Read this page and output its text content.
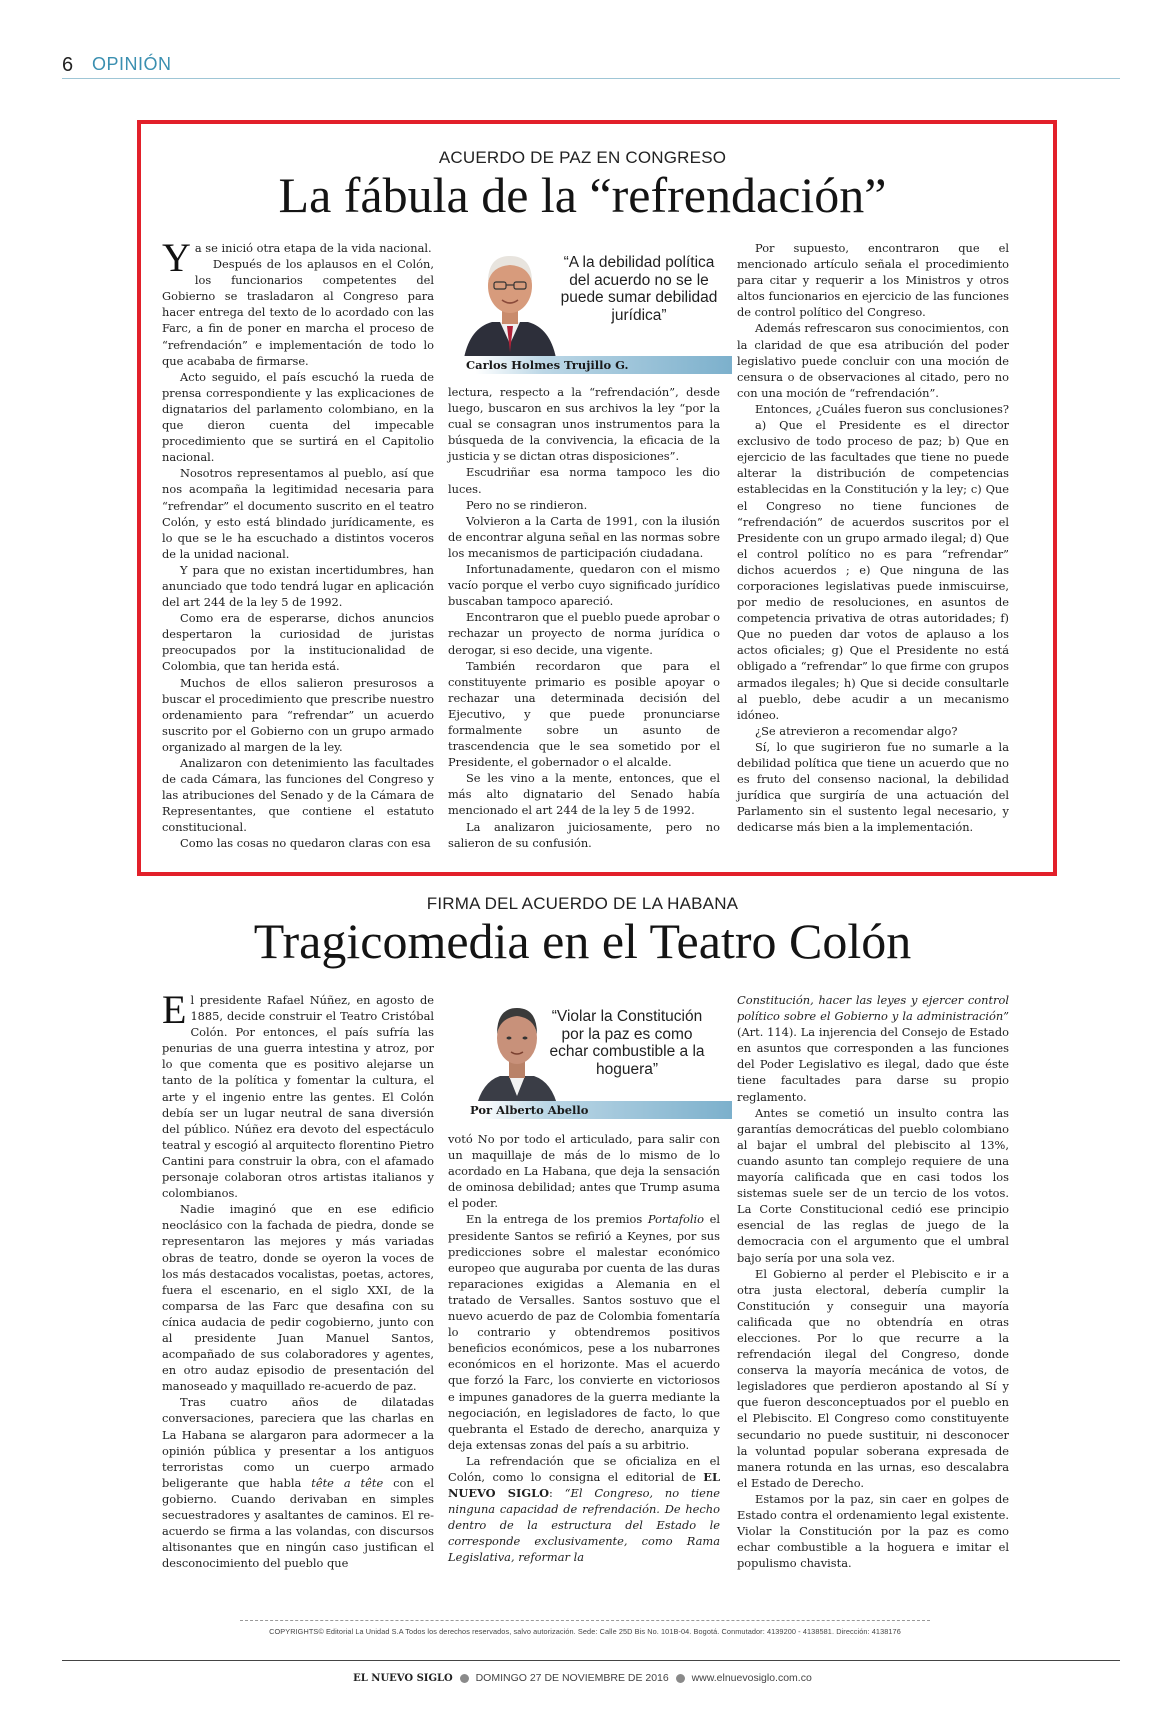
6 OPINIÓN
ACUERDO DE PAZ EN CONGRESO
La fábula de la “refrendación”

Ya se inició otra etapa de la vida nacional.

Después de los aplausos en el Colón, los funcionarios competentes del Gobierno se trasladaron al Congreso para hacer entrega del texto de lo acordado con las Farc, a fin de poner en marcha el proceso de “refrendación” e implementación de todo lo que acababa de firmarse.

Acto seguido, el país escuchó la rueda de prensa correspondiente y las explicaciones de dignatarios del parlamento colombiano, en la que dieron cuenta del impecable procedimiento que se surtirá en el Capitolio nacional.

Nosotros representamos al pueblo, así que nos acompaña la legitimidad necesaria para “refrendar” el documento suscrito en el teatro Colón, y esto está blindado jurídicamente, es lo que se le ha escuchado a distintos voceros de la unidad nacional.

Y para que no existan incertidumbres, han anunciado que todo tendrá lugar en aplicación del art 244 de la ley 5 de 1992.

Como era de esperarse, dichos anuncios despertaron la curiosidad de juristas preocupados por la institucionalidad de Colombia, que tan herida está.

Muchos de ellos salieron presurosos a buscar el procedimiento que prescribe nuestro ordenamiento para “refrendar” un acuerdo suscrito por el Gobierno con un grupo armado organizado al margen de la ley.

Analizaron con detenimiento las facultades de cada Cámara, las funciones del Congreso y las atribuciones del Senado y de la Cámara de Representantes, que contiene el estatuto constitucional.

Como las cosas no quedaron claras con esa

“A la debilidad política del acuerdo no se le puede sumar debilidad jurídica”
Carlos Holmes Trujillo G.

lectura, respecto a la “refrendación”, desde luego, buscaron en sus archivos la ley “por la cual se consagran unos instrumentos para la búsqueda de la convivencia, la eficacia de la justicia y se dictan otras disposiciones”.

Escudriñar esa norma tampoco les dio luces.

Pero no se rindieron.

Volvieron a la Carta de 1991, con la ilusión de encontrar alguna señal en las normas sobre los mecanismos de participación ciudadana.

Infortunadamente, quedaron con el mismo vacío porque el verbo cuyo significado jurídico buscaban tampoco apareció.

Encontraron que el pueblo puede aprobar o rechazar un proyecto de norma jurídica o derogar, si eso decide, una vigente.

También recordaron que para el constituyente primario es posible apoyar o rechazar una determinada decisión del Ejecutivo, y que puede pronunciarse formalmente sobre un asunto de trascendencia que le sea sometido por el Presidente, el gobernador o el alcalde.

Se les vino a la mente, entonces, que el más alto dignatario del Senado había mencionado el art 244 de la ley 5 de 1992.

La analizaron juiciosamente, pero no salieron de su confusión.

Por supuesto, encontraron que el mencionado artículo señala el procedimiento para citar y requerir a los Ministros y otros altos funcionarios en ejercicio de las funciones de control político del Congreso.

Además refrescaron sus conocimientos, con la claridad de que esa atribución del poder legislativo puede concluir con una moción de censura o de observaciones al citado, pero no con una moción de “refrendación”.

Entonces, ¿Cuáles fueron sus conclusiones?

a) Que el Presidente es el director exclusivo de todo proceso de paz; b) Que en ejercicio de las facultades que tiene no puede alterar la distribución de competencias establecidas en la Constitución y la ley; c) Que el Congreso no tiene funciones de “refrendación” de acuerdos suscritos por el Presidente con un grupo armado ilegal; d) Que el control político no es para “refrendar” dichos acuerdos ; e) Que ninguna de las corporaciones legislativas puede inmiscuirse, por medio de resoluciones, en asuntos de competencia privativa de otras autoridades; f) Que no pueden dar votos de aplauso a los actos oficiales; g) Que el Presidente no está obligado a “refrendar” lo que firme con grupos armados ilegales; h) Que si decide consultarle al pueblo, debe acudir a un mecanismo idóneo.

¿Se atrevieron a recomendar algo?

Sí, lo que sugirieron fue no sumarle a la debilidad política que tiene un acuerdo que no es fruto del consenso nacional, la debilidad jurídica que surgiría de una actuación del Parlamento sin el sustento legal necesario, y dedicarse más bien a la implementación.

FIRMA DEL ACUERDO DE LA HABANA
Tragicomedia en el Teatro Colón

El presidente Rafael Núñez, en agosto de 1885, decide construir el Teatro Cristóbal Colón. Por entonces, el país sufría las penurias de una guerra intestina y atroz, por lo que comenta que es positivo alejarse un tanto de la política y fomentar la cultura, el arte y el ingenio entre las gentes. El Colón debía ser un lugar neutral de sana diversión del público. Núñez era devoto del espectáculo teatral y escogió al arquitecto florentino Pietro Cantini para construir la obra, con el afamado personaje colaboran otros artistas italianos y colombianos.

Nadie imaginó que en ese edificio neoclásico con la fachada de piedra, donde se representaron las mejores y más variadas obras de teatro, donde se oyeron la voces de los más destacados vocalistas, poetas, actores, fuera el escenario, en el siglo XXI, de la comparsa de las Farc que desafina con su cínica audacia de pedir cogobierno, junto con al presidente Juan Manuel Santos, acompañado de sus colaboradores y agentes, en otro audaz episodio de presentación del manoseado y maquillado re-acuerdo de paz.

Tras cuatro años de dilatadas conversaciones, pareciera que las charlas en La Habana se alargaron para adormecer a la opinión pública y presentar a los antiguos terroristas como un cuerpo armado beligerante que habla tête a tête con el gobierno. Cuando derivaban en simples secuestradores y asaltantes de caminos. El re-acuerdo se firma a las volandas, con discursos altisonantes que en ningún caso justifican el desconocimiento del pueblo que

“Violar la Constitución por la paz es como echar combustible a la hoguera”
Por Alberto Abello

votó No por todo el articulado, para salir con un maquillaje de más de lo mismo de lo acordado en La Habana, que deja la sensación de ominosa debilidad; antes que Trump asuma el poder.

En la entrega de los premios Portafolio el presidente Santos se refirió a Keynes, por sus predicciones sobre el malestar económico europeo que auguraba por cuenta de las duras reparaciones exigidas a Alemania en el tratado de Versalles. Santos sostuvo que el nuevo acuerdo de paz de Colombia fomentaría lo contrario y obtendremos positivos beneficios económicos, pese a los nubarrones económicos en el horizonte. Mas el acuerdo que forzó la Farc, los convierte en victoriosos e impunes ganadores de la guerra mediante la negociación, en legisladores de facto, lo que quebranta el Estado de derecho, anarquiza y deja extensas zonas del país a su arbitrio.

La refrendación que se oficializa en el Colón, como lo consigna el editorial de EL NUEVO SIGLO: “El Congreso, no tiene ninguna capacidad de refrendación. De hecho dentro de la estructura del Estado le corresponde exclusivamente, como Rama Legislativa, reformar la

Constitución, hacer las leyes y ejercer control político sobre el Gobierno y la administración” (Art. 114). La injerencia del Consejo de Estado en asuntos que corresponden a las funciones del Poder Legislativo es ilegal, dado que éste tiene facultades para darse su propio reglamento.

Antes se cometió un insulto contra las garantías democráticas del pueblo colombiano al bajar el umbral del plebiscito al 13%, cuando asunto tan complejo requiere de una mayoría calificada que en casi todos los sistemas suele ser de un tercio de los votos. La Corte Constitucional cedió ese principio esencial de las reglas de juego de la democracia con el argumento que el umbral bajo sería por una sola vez.

El Gobierno al perder el Plebiscito e ir a otra justa electoral, debería cumplir la Constitución y conseguir una mayoría calificada que no obtendría en otras elecciones. Por lo que recurre a la refrendación ilegal del Congreso, donde conserva la mayoría mecánica de votos, de legisladores que perdieron apostando al Sí y que fueron desconceptuados por el pueblo en el Plebiscito. El Congreso como constituyente secundario no puede sustituir, ni desconocer la voluntad popular soberana expresada de manera rotunda en las urnas, eso descalabra el Estado de Derecho.

Estamos por la paz, sin caer en golpes de Estado contra el ordenamiento legal existente. Violar la Constitución por la paz es como echar combustible a la hoguera e imitar el populismo chavista.

COPYRIGHTS© Editorial La Unidad S.A Todos los derechos reservados, salvo autorización. Sede: Calle 25D Bis No. 101B-04. Bogotá. Conmutador: 4139200 - 4138581. Dirección: 4138176
EL NUEVO SIGLO DOMINGO 27 DE NOVIEMBRE DE 2016 www.elnuevosiglo.com.co
